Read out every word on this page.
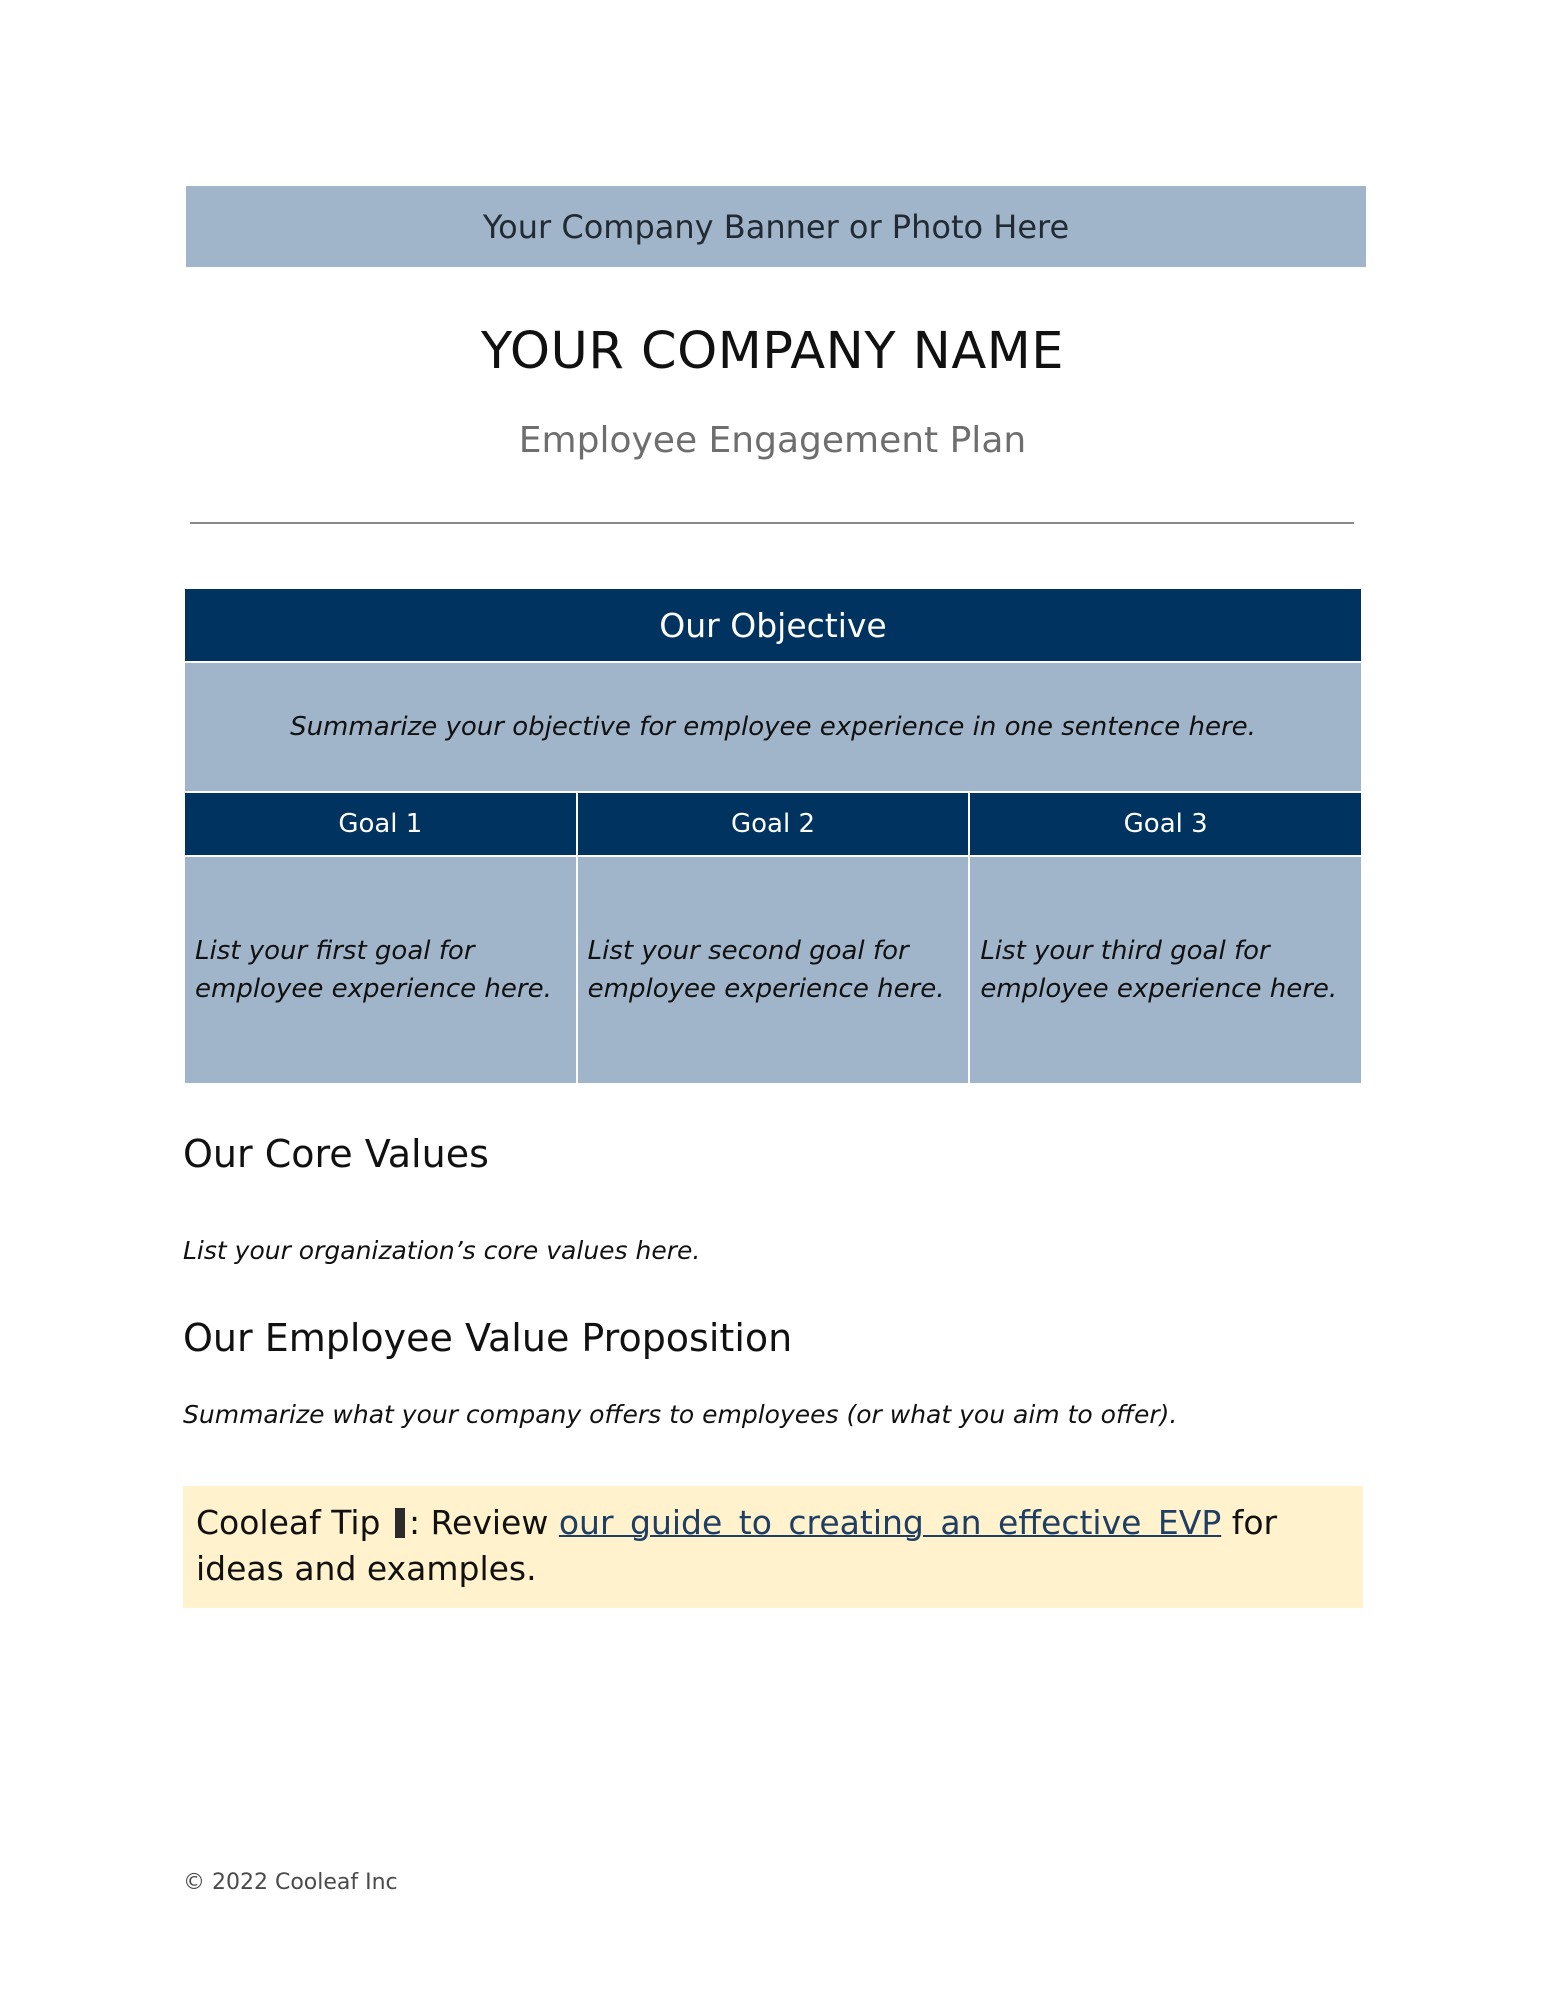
Your Company Banner or Photo Here
YOUR COMPANY NAME
Employee Engagement Plan
Our Objective		
Summarize your objective for employee experience in one sentence here.		
Goal 1	Goal 2	Goal 3
List your first goal for employee experience here.	List your second goal for employee experience here.	List your third goal for employee experience here.
Our Core Values
List your organization’s core values here.
Our Employee Value Proposition
Summarize what your company offers to employees (or what you aim to offer).
Cooleaf Tip : Review our guide to creating an effective EVP for ideas and examples.
© 2022 Cooleaf Inc
